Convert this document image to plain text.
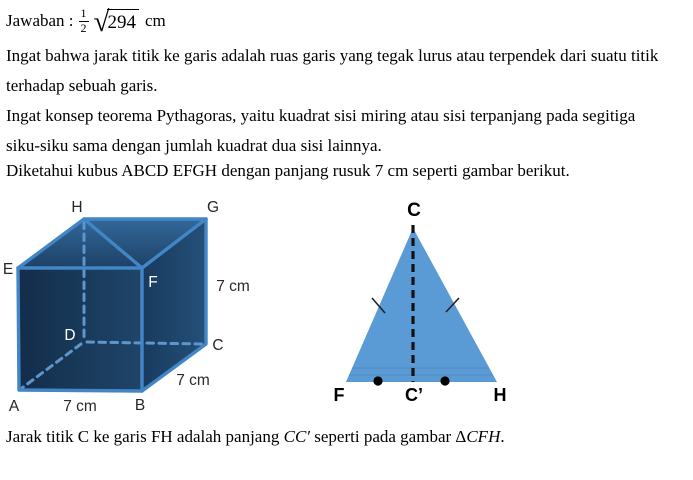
Jawaban : $\frac{1}{2}$ √
294 cm
Ingat bahwa jarak titik ke garis adalah ruas garis yang tegak lurus atau terpendek dari suatu titik
terhadap sebuah garis.
Ingat konsep teorema Pythagoras, yaitu kuadrat sisi miring atau sisi terpanjang pada segitiga
siku-siku sama dengan jumlah kuadrat dua sisi lainnya.
Diketahui kubus ABCD EFGH dengan panjang rusuk 7 cm seperti gambar berikut.
H	G
E
C
A	B
F
D
7 cm
7 cm
7 cm
C
F	C’	H
Jarak titik C ke garis FH adalah panjang CC′ seperti pada gambar ΔCFH.
